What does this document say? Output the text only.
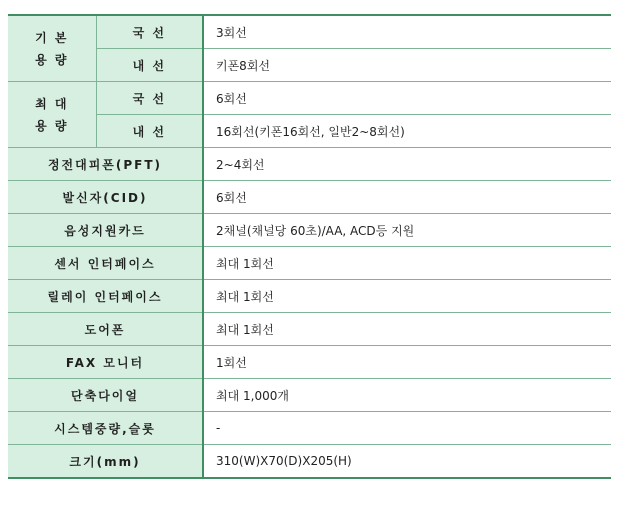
기 본
용 량	국 선	3회선
	내 선	키폰8회선

최 대
용 량	국 선	6회선
	내 선	16회선(키폰16회선, 일반2~8회선)
정전대피폰(PFT)		2~4회선
발신자(CID)		6회선
음성지원카드		2채널(채널당 60초)/AA, ACD등 지원
센서 인터페이스		최대 1회선
릴레이 인터페이스		최대 1회선
도어폰		최대 1회선
FAX 모니터		1회선
단축다이얼		최대 1,000개
시스템중량,슬롯		-
크기(mm)		310(W)X70(D)X205(H)
